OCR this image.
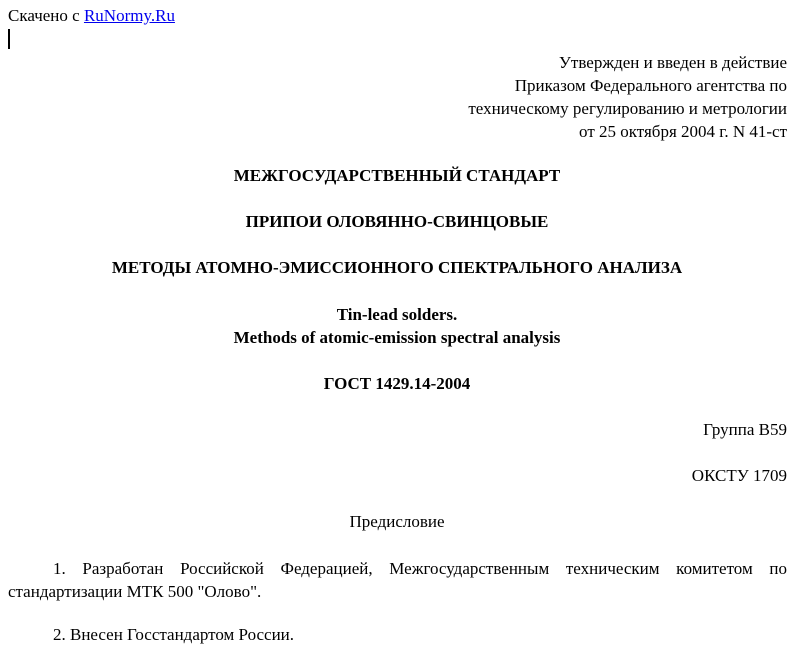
Скачено с RuNormy.Ru
Утвержден и введен в действие
Приказом Федерального агентства по
техническому регулированию и метрологии
от 25 октября 2004 г. N 41-ст
МЕЖГОСУДАРСТВЕННЫЙ СТАНДАРТ
ПРИПОИ ОЛОВЯННО-СВИНЦОВЫЕ
МЕТОДЫ АТОМНО-ЭМИССИОННОГО СПЕКТРАЛЬНОГО АНАЛИЗА
Tin-lead solders.
Methods of atomic-emission spectral analysis
ГОСТ 1429.14-2004
Группа B59
ОКСТУ 1709
Предисловие
1. Разработан Российской Федерацией, Межгосударственным техническим комитетом по стандартизации МТК 500 "Олово".
2. Внесен Госстандартом России.
